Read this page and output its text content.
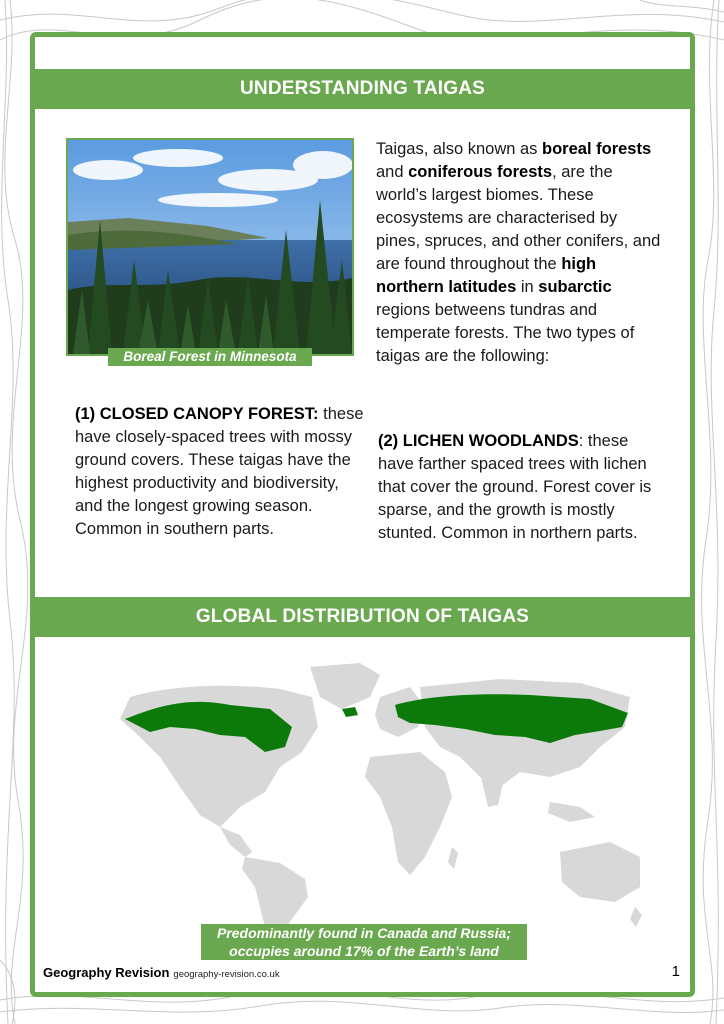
UNDERSTANDING TAIGAS
Boreal Forest in Minnesota
Taigas, also known as boreal forests and coniferous forests, are the world’s largest biomes. These ecosystems are characterised by pines, spruces, and other conifers, and are found throughout the high northern latitudes in subarctic regions betweens tundras and temperate forests. The two types of taigas are the following:
(1) CLOSED CANOPY FOREST: these have closely-spaced trees with mossy ground covers. These taigas have the highest productivity and biodiversity, and the longest growing season. Common in southern parts.
(2) LICHEN WOODLANDS: these have farther spaced trees with lichen that cover the ground. Forest cover is sparse, and the growth is mostly stunted. Common in northern parts.
GLOBAL DISTRIBUTION OF TAIGAS
Predominantly found in Canada and Russia;
occupies around 17% of the Earth’s land
Geography Revision geography-revision.co.uk	1
